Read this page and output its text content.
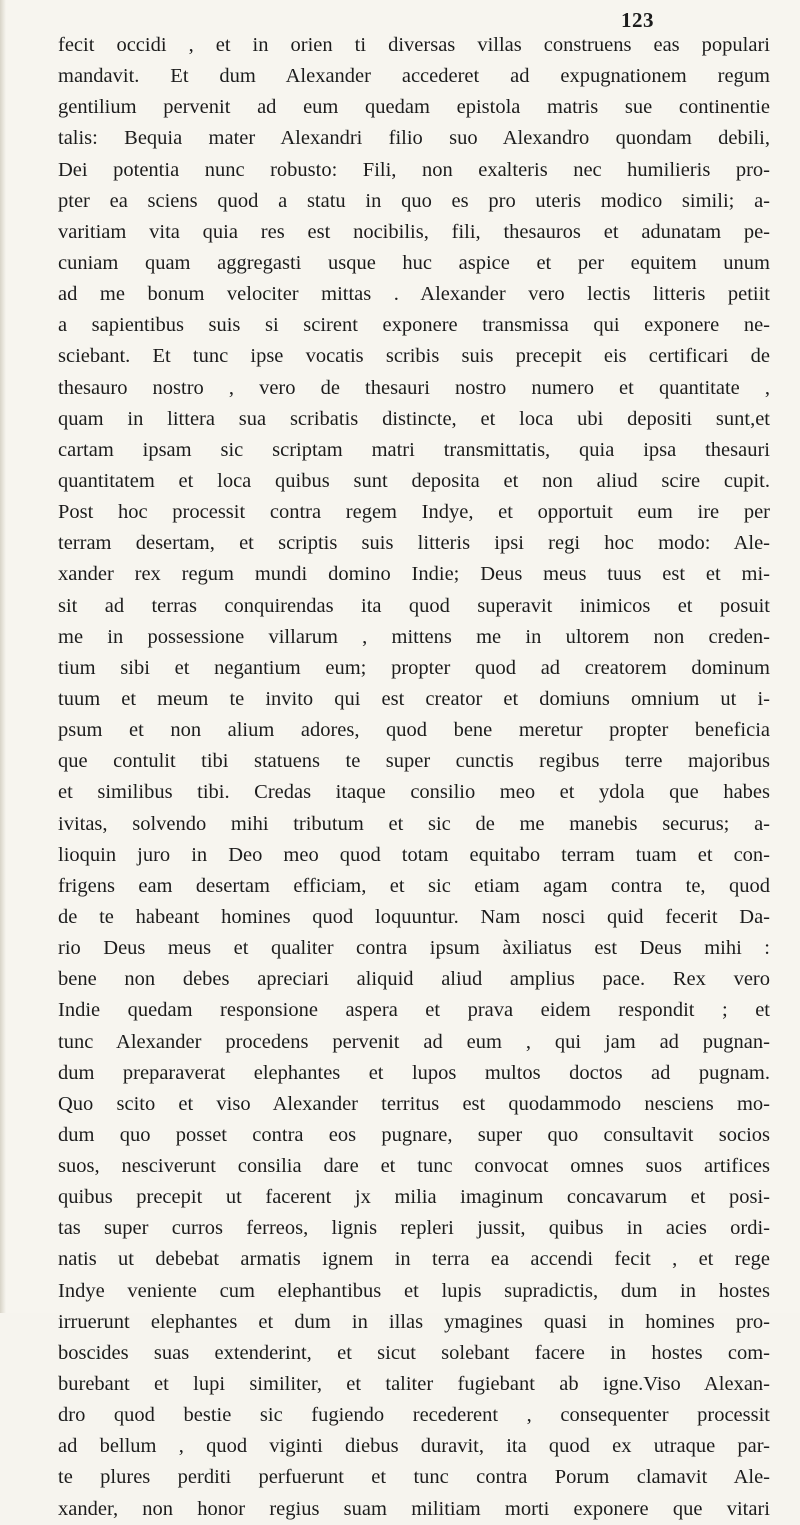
123
fecit occidi , et in orien ti diversas villas construens eas populari
mandavit. Et dum Alexander accederet ad expugnationem regum
gentilium pervenit ad eum quedam epistola matris sue continentie
talis: Bequia mater Alexandri filio suo Alexandro quondam debili,
Dei potentia nunc robusto: Fili, non exalteris nec humilieris pro-
pter ea sciens quod a statu in quo es pro uteris modico simili; a-
varitiam vita quia res est nocibilis, fili, thesauros et adunatam pe-
cuniam quam aggregasti usque huc aspice et per equitem unum
ad me bonum velociter mittas . Alexander vero lectis litteris petiit
a sapientibus suis si scirent exponere transmissa qui exponere ne-
sciebant. Et tunc ipse vocatis scribis suis precepit eis certificari de
thesauro nostro , vero de thesauri nostro numero et quantitate ,
quam in littera sua scribatis distincte, et loca ubi depositi sunt,et
cartam ipsam sic scriptam matri transmittatis, quia ipsa thesauri
quantitatem et loca quibus sunt deposita et non aliud scire cupit.
Post hoc processit contra regem Indye, et opportuit eum ire per
terram desertam, et scriptis suis litteris ipsi regi hoc modo: Ale-
xander rex regum mundi domino Indie; Deus meus tuus est et mi-
sit ad terras conquirendas ita quod superavit inimicos et posuit
me in possessione villarum , mittens me in ultorem non creden-
tium sibi et negantium eum; propter quod ad creatorem dominum
tuum et meum te invito qui est creator et domiuns omnium ut i-
psum et non alium adores, quod bene meretur propter beneficia
que contulit tibi statuens te super cunctis regibus terre majoribus
et similibus tibi. Credas itaque consilio meo et ydola que habes
ivitas, solvendo mihi tributum et sic de me manebis securus; a-
lioquin juro in Deo meo quod totam equitabo terram tuam et con-
frigens eam desertam efficiam, et sic etiam agam contra te, quod
de te habeant homines quod loquuntur. Nam nosci quid fecerit Da-
rio Deus meus et qualiter contra ipsum àxiliatus est Deus mihi :
bene non debes apreciari aliquid aliud amplius pace. Rex vero
Indie quedam responsione aspera et prava eidem respondit ; et
tunc Alexander procedens pervenit ad eum , qui jam ad pugnan-
dum preparaverat elephantes et lupos multos doctos ad pugnam.
Quo scito et viso Alexander territus est quodammodo nesciens mo-
dum quo posset contra eos pugnare, super quo consultavit socios
suos, nesciverunt consilia dare et tunc convocat omnes suos artifices
quibus precepit ut facerent jx milia imaginum concavarum et posi-
tas super curros ferreos, lignis repleri jussit, quibus in acies ordi-
natis ut debebat armatis ignem in terra ea accendi fecit , et rege
Indye veniente cum elephantibus et lupis supradictis, dum in hostes
irruerunt elephantes et dum in illas ymagines quasi in homines pro-
boscides suas extenderint, et sicut solebant facere in hostes com-
burebant et lupi similiter, et taliter fugiebant ab igne.Viso Alexan-
dro quod bestie sic fugiendo recederent , consequenter processit
ad bellum , quod viginti diebus duravit, ita quod ex utraque par-
te plures perditi perfuerunt et tunc contra Porum clamavit Ale-
xander, non honor regius suam militiam morti exponere que vitari
